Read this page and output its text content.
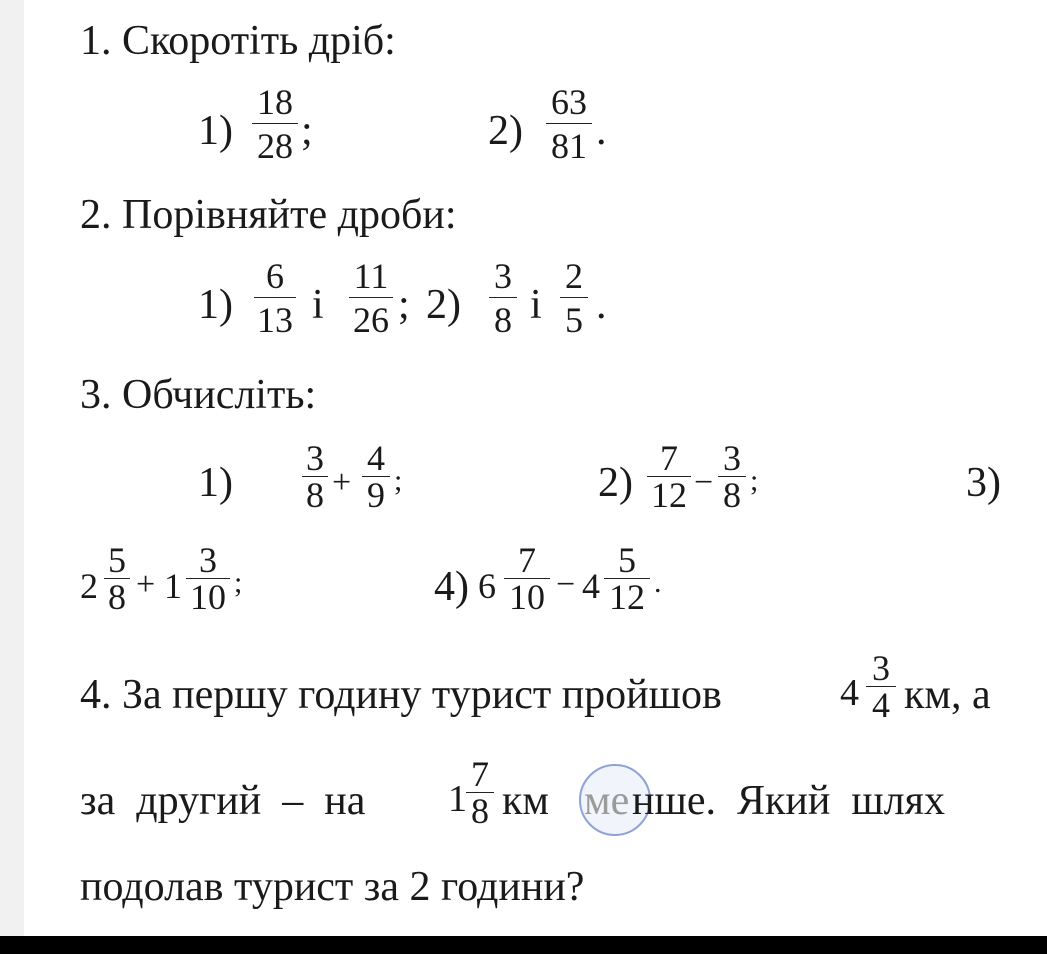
1. Скоротіть дріб:
1)
18
28 ;	2)
63
81 .
2. Порівняйте дроби:
1)
6
13 і
11
26 ; 2)
3
8 і
2
5 .
3. Обчисліть:
1)
3
8 +
4
9 ;	2)
7
12 −
3
8 ;	3)
2
5
8 + 1
3
10 ;	4) 6
7
10 − 4
5
12 .
4. За першу годину турист пройшов	4
3
4 км, а
за  другий  –  на 1
7
8 км ме нше.  Який  шлях
подолав турист за 2 години?
